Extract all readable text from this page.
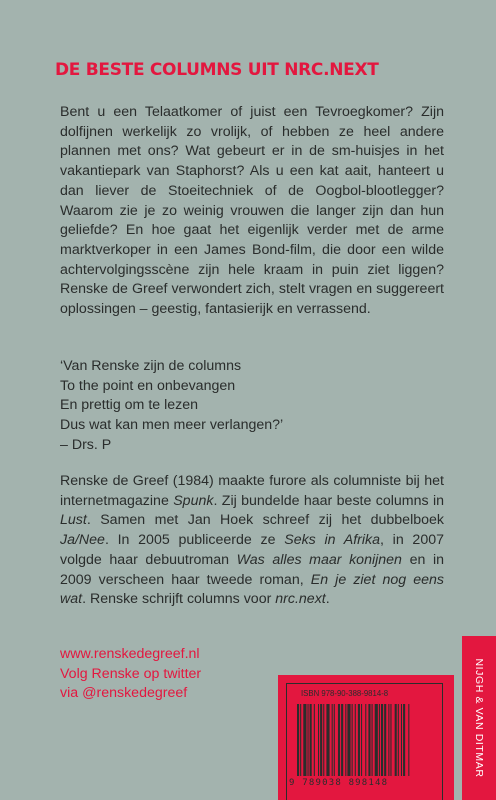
DE BESTE COLUMNS UIT NRC.NEXT

Bent u een Telaatkomer of juist een Tevroegkomer? Zijn dolfijnen werkelijk zo vrolijk, of hebben ze heel andere plannen met ons? Wat gebeurt er in de sm-huisjes in het vakantiepark van Staphorst? Als u een kat aait, hanteert u dan liever de Stoeitechniek of de Oogbol-blootlegger? Waarom zie je zo weinig vrouwen die langer zijn dan hun geliefde? En hoe gaat het eigenlijk verder met de arme marktverkoper in een James Bond-film, die door een wilde achtervolgingsscène zijn hele kraam in puin ziet liggen? Renske de Greef verwondert zich, stelt vragen en suggereert oplossingen – geestig, fantasierijk en verrassend.

‘Van Renske zijn de columns
To the point en onbevangen
En prettig om te lezen
Dus wat kan men meer verlangen?’
– Drs. P

Renske de Greef (1984) maakte furore als columniste bij het internetmagazine Spunk. Zij bundelde haar beste columns in Lust. Samen met Jan Hoek schreef zij het dubbelboek Ja/Nee. In 2005 publiceerde ze Seks in Afrika, in 2007 volgde haar debuutroman Was alles maar konijnen en in 2009 verscheen haar tweede roman, En je ziet nog eens wat. Renske schrijft columns voor nrc.next.

www.renskedegreef.nl
Volg Renske op twitter
via @renskedegreef	NIJGH & VAN DITMAR
ISBN 978-90-388-9814-8
9 789038 898148
